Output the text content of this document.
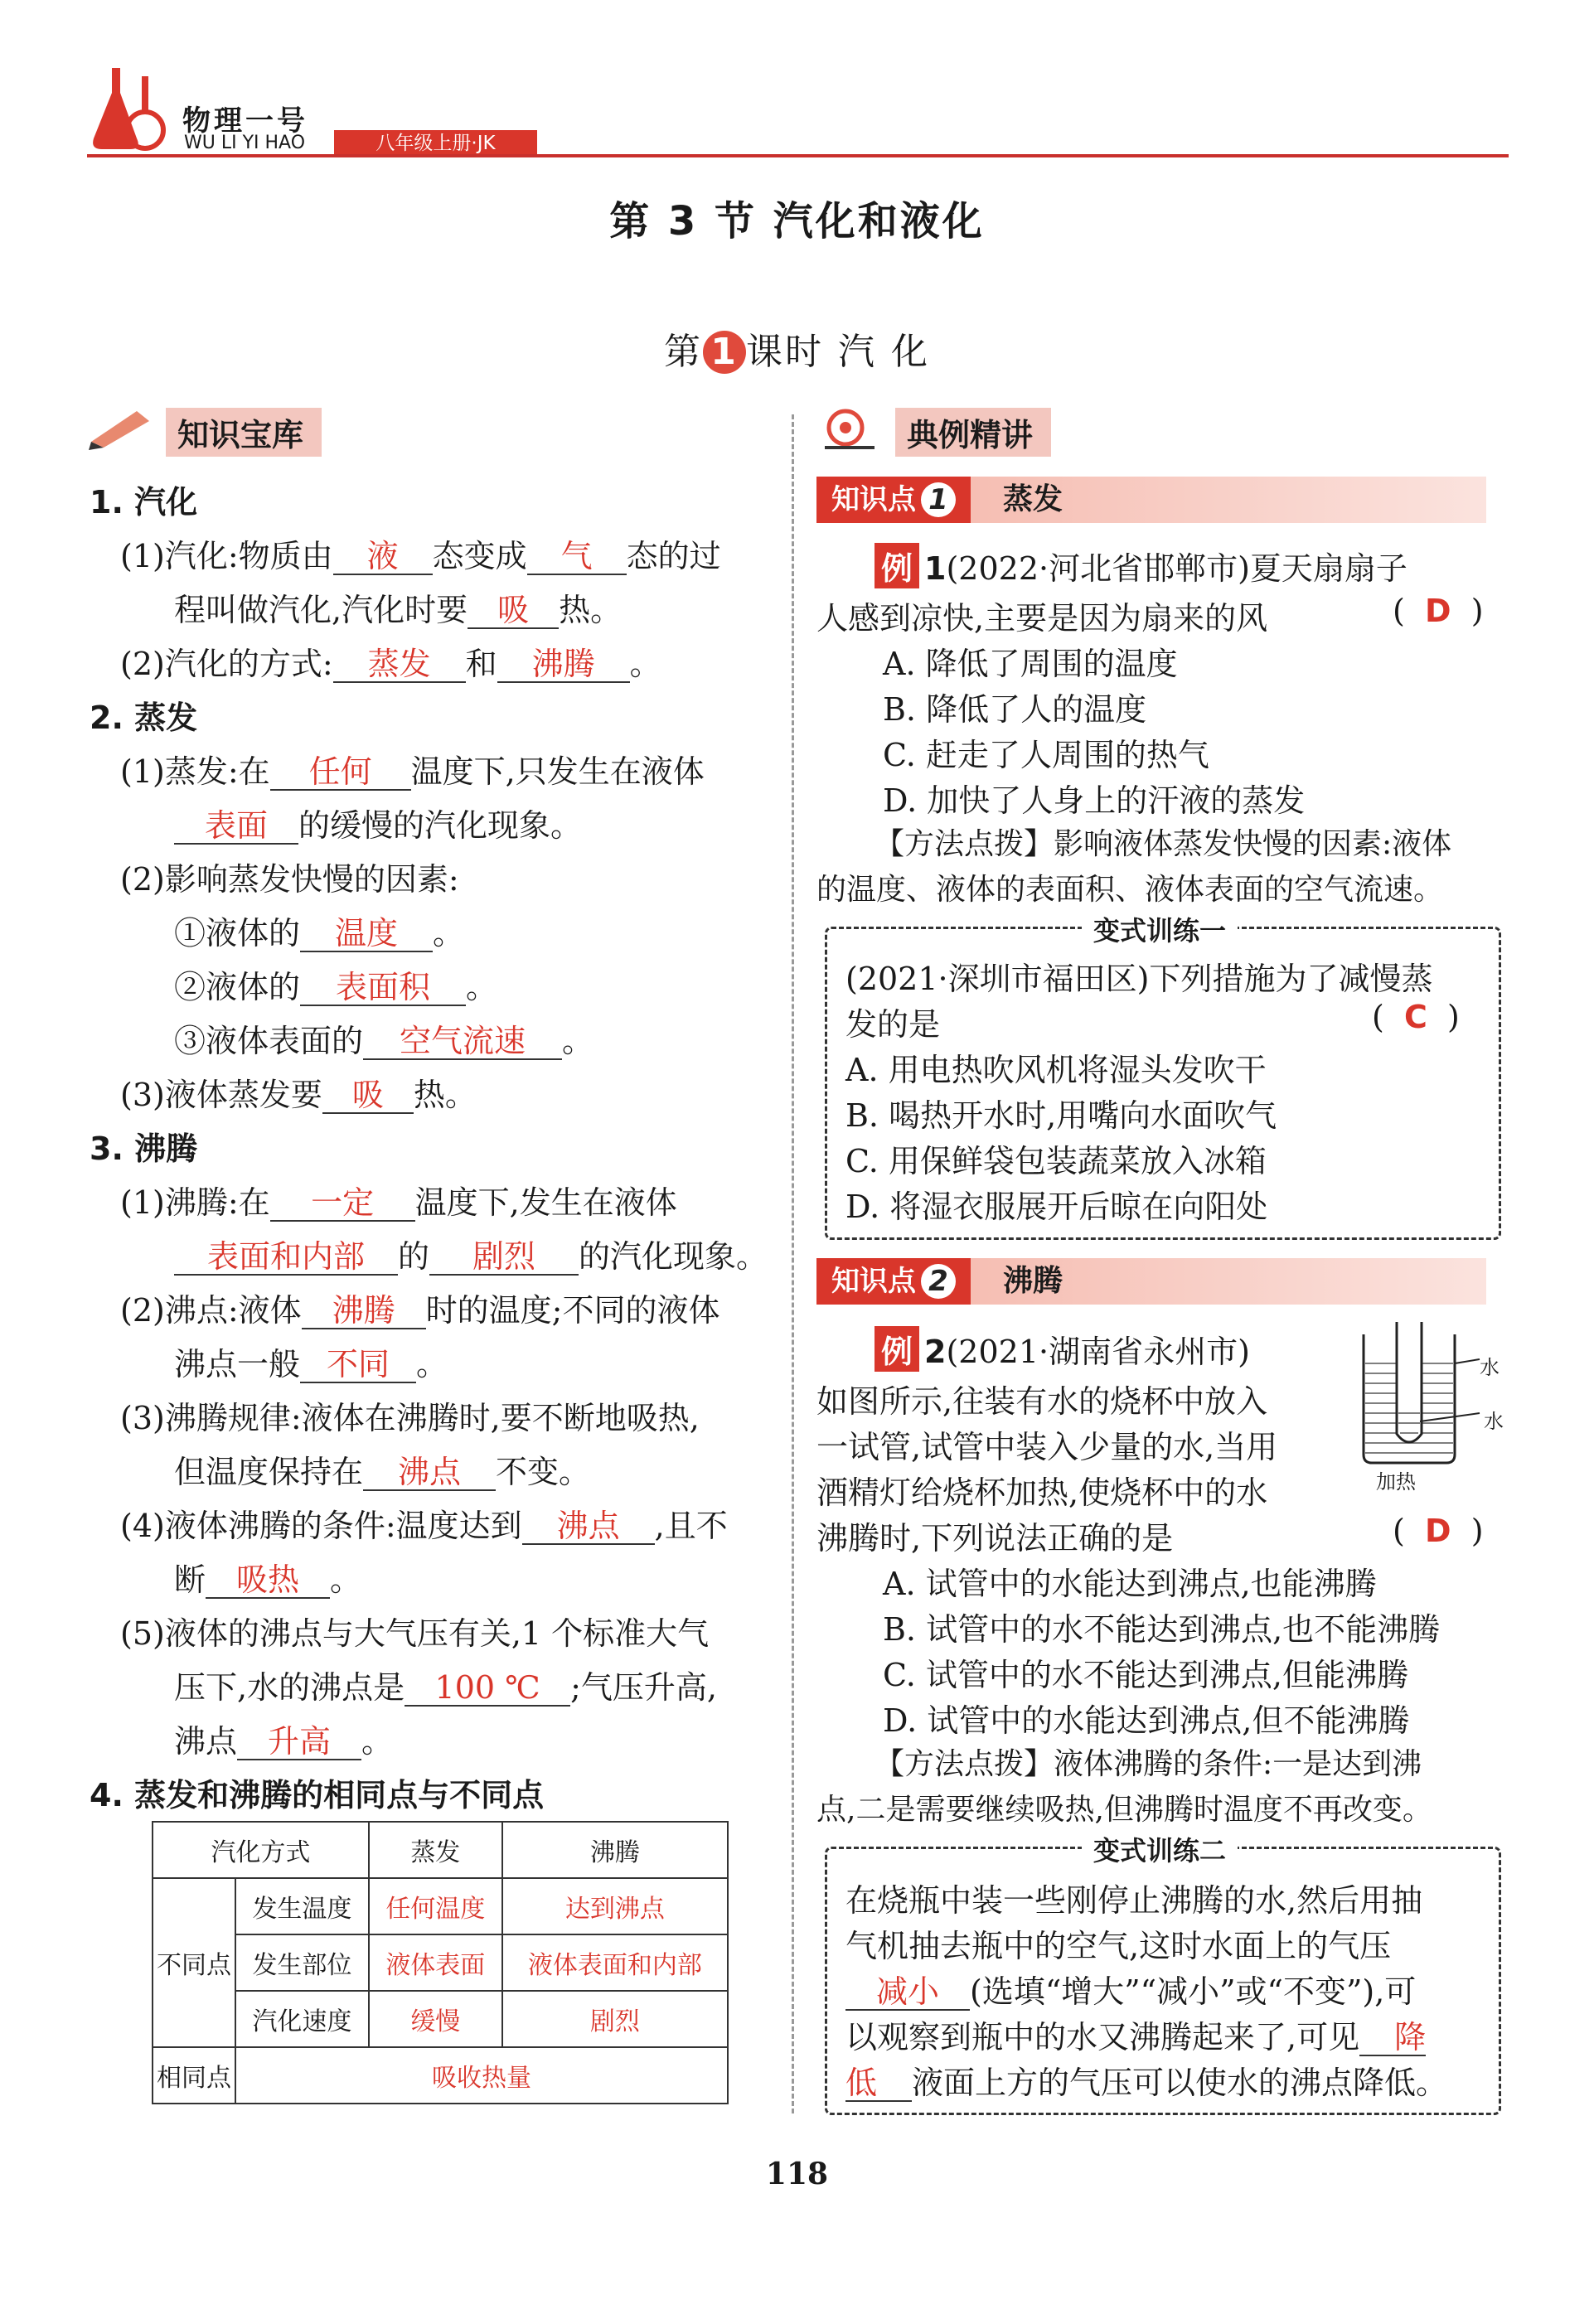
物理一号
WU LI YI HAO	八年级上册·JK
第 3 节 汽化和液化
第 1 课时 汽 化
知识宝库
1. 汽化
(1)汽化:物质由 液 态变成 气 态的过
程叫做汽化,汽化时要 吸 热。
(2)汽化的方式: 蒸发 和 沸腾 。
2. 蒸发
(1)蒸发:在 任何 温度下,只发生在液体
表面 的缓慢的汽化现象。
(2)影响蒸发快慢的因素:
①液体的 温度 。
②液体的 表面积 。
③液体表面的 空气流速 。
(3)液体蒸发要 吸 热。
3. 沸腾
(1)沸腾:在 一定 温度下,发生在液体
表面和内部 的 剧烈 的汽化现象。
(2)沸点:液体 沸腾 时的温度;不同的液体
沸点一般 不同 。
(3)沸腾规律:液体在沸腾时,要不断地吸热,
但温度保持在 沸点 不变。
(4)液体沸腾的条件:温度达到 沸点 ,且不
断 吸热 。
(5)液体的沸点与大气压有关,1 个标准大气
压下,水的沸点是 100 ℃ ;气压升高,
沸点 升高 。
4. 蒸发和沸腾的相同点与不同点
汽化方式		蒸发	沸腾
不同点	发生温度	任何温度	达到沸点
	发生部位	液体表面	液体表面和内部
	汽化速度	缓慢	剧烈
相同点	吸收热量		
典例精讲
知识点 1	蒸发
例 1(2022·河北省邯郸市)夏天扇扇子
人感到凉快,主要是因为扇来的风	( D )
A. 降低了周围的温度
B. 降低了人的温度
C. 赶走了人周围的热气
D. 加快了人身上的汗液的蒸发
【方法点拨】影响液体蒸发快慢的因素:液体
的温度、液体的表面积、液体表面的空气流速。
变式训练一
(2021·深圳市福田区)下列措施为了减慢蒸
发的是	(  C  )
A. 用电热吹风机将湿头发吹干
B. 喝热开水时,用嘴向水面吹气
C. 用保鲜袋包装蔬菜放入冰箱
D. 将湿衣服展开后晾在向阳处
知识点 2	沸腾
例 2(2021·湖南省永州市)
如图所示,往装有水的烧杯中放入
一试管,试管中装入少量的水,当用
酒精灯给烧杯加热,使烧杯中的水
沸腾时,下列说法正确的是	(  D  )
水
水
加热
A. 试管中的水能达到沸点,也能沸腾
B. 试管中的水不能达到沸点,也不能沸腾
C. 试管中的水不能达到沸点,但能沸腾
D. 试管中的水能达到沸点,但不能沸腾
【方法点拨】液体沸腾的条件:一是达到沸
点,二是需要继续吸热,但沸腾时温度不再改变。
变式训练二
在烧瓶中装一些刚停止沸腾的水,然后用抽
气机抽去瓶中的空气,这时水面上的气压
减小 (选填“增大”“减小”或“不变”),可
以观察到瓶中的水又沸腾起来了,可见 降
低 液面上方的气压可以使水的沸点降低。
118
